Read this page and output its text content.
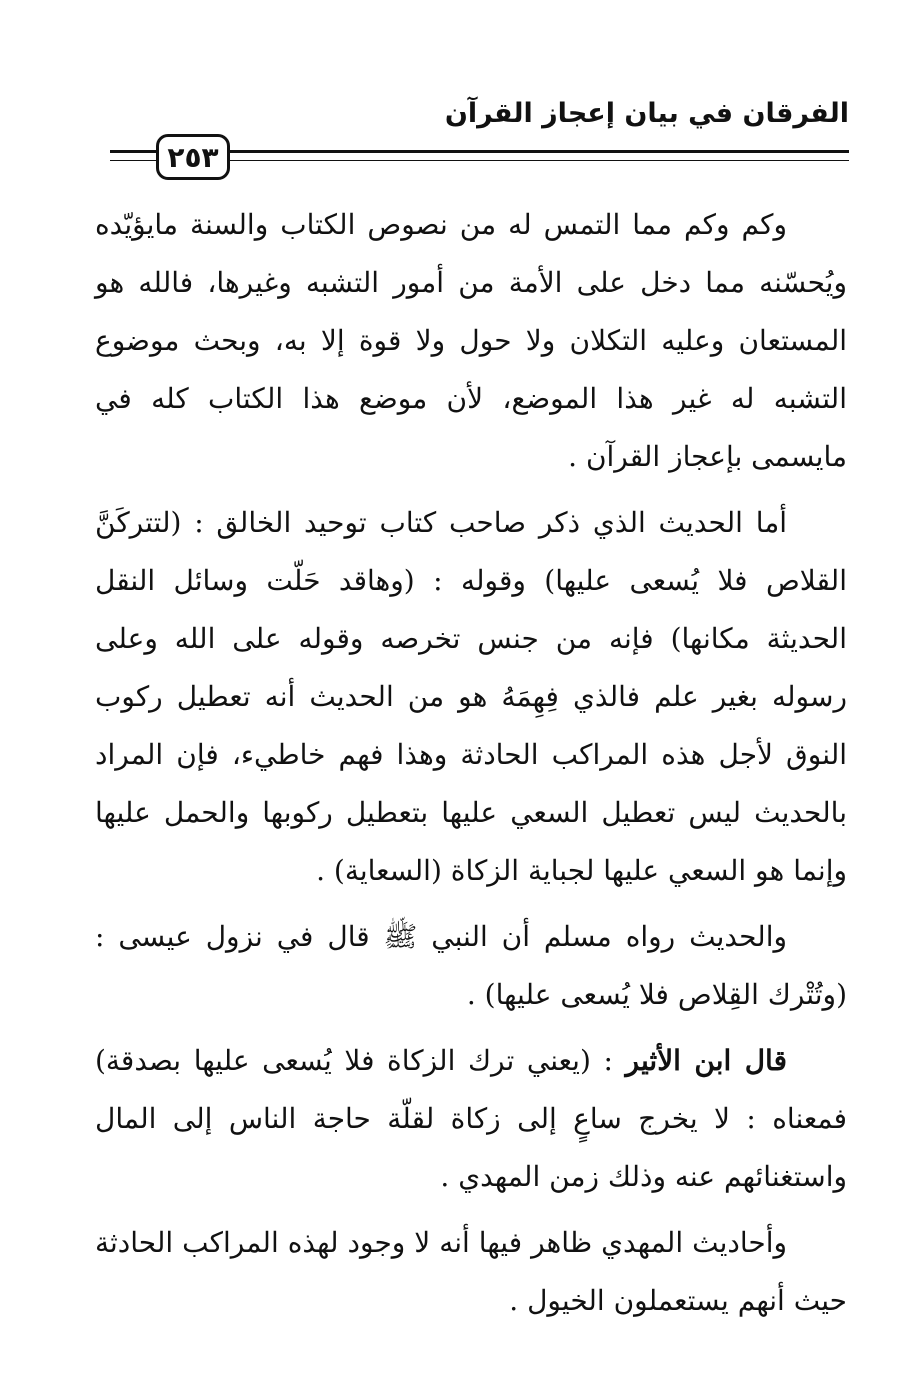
الفرقان في بيان إعجاز القرآن
٢٥٣

وكم وكم مما التمس له من نصوص الكتاب والسنة مايؤيّده ويُحسّنه مما دخل على الأمة من أمور التشبه وغيرها، فالله هو المستعان وعليه التكلان ولا حول ولا قوة إلا به، وبحث موضوع التشبه له غير هذا الموضع، لأن موضع هذا الكتاب كله في مايسمى بإعجاز القرآن .

أما الحديث الذي ذكر صاحب كتاب توحيد الخالق : (لتتركَنَّ القلاص فلا يُسعى عليها) وقوله : (وهاقد حَلّت وسائل النقل الحديثة مكانها) فإنه من جنس تخرصه وقوله على الله وعلى رسوله بغير علم فالذي فِهِمَهُ هو من الحديث أنه تعطيل ركوب النوق لأجل هذه المراكب الحادثة وهذا فهم خاطيء، فإن المراد بالحديث ليس تعطيل السعي عليها بتعطيل ركوبها والحمل عليها وإنما هو السعي عليها لجباية الزكاة (السعاية) .

والحديث رواه مسلم أن النبي ﷺ قال في نزول عيسى : (وتُتْرك القِلاص فلا يُسعى عليها) .

قال ابن الأثير : (يعني ترك الزكاة فلا يُسعى عليها بصدقة) فمعناه : لا يخرج ساعٍ إلى زكاة لقلّة حاجة الناس إلى المال واستغنائهم عنه وذلك زمن المهدي .

وأحاديث المهدي ظاهر فيها أنه لا وجود لهذه المراكب الحادثة حيث أنهم يستعملون الخيول .
